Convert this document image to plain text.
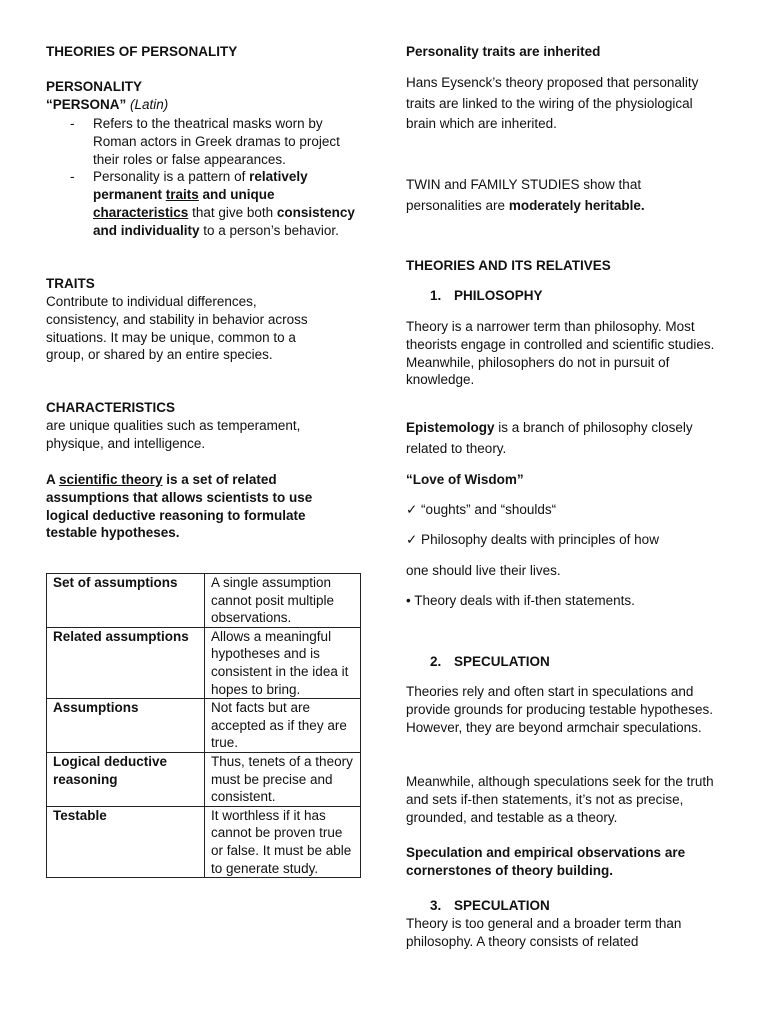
THEORIES OF PERSONALITY

PERSONALITY

“PERSONA” (Latin)

- Refers to the theatrical masks worn by Roman actors in Greek dramas to project their roles or false appearances.
- Personality is a pattern of relatively permanent traits and unique characteristics that give both consistency and individuality to a person’s behavior.

TRAITS

Contribute to individual differences, consistency, and stability in behavior across situations. It may be unique, common to a group, or shared by an entire species.

CHARACTERISTICS

are unique qualities such as temperament, physique, and intelligence.

A scientific theory is a set of related assumptions that allows scientists to use logical deductive reasoning to formulate testable hypotheses.

Set of assumptions	A single assumption cannot posit multiple observations.
Related assumptions	Allows a meaningful hypotheses and is consistent in the idea it hopes to bring.
Assumptions	Not facts but are accepted as if they are true.
Logical deductive reasoning	Thus, tenets of a theory must be precise and consistent.
Testable	It worthless if it has cannot be proven true or false. It must be able to generate study.

Personality traits are inherited

Hans Eysenck’s theory proposed that personality traits are linked to the wiring of the physiological brain which are inherited.

TWIN and FAMILY STUDIES show that personalities are moderately heritable.

THEORIES AND ITS RELATIVES

1. PHILOSOPHY

Theory is a narrower term than philosophy. Most theorists engage in controlled and scientific studies. Meanwhile, philosophers do not in pursuit of knowledge.

Epistemology is a branch of philosophy closely related to theory.

“Love of Wisdom”

✓ “oughts” and “shoulds“

✓ Philosophy dealts with principles of how

one should live their lives.

• Theory deals with if-then statements.

2. SPECULATION

Theories rely and often start in speculations and provide grounds for producing testable hypotheses. However, they are beyond armchair speculations.

Meanwhile, although speculations seek for the truth and sets if-then statements, it’s not as precise, grounded, and testable as a theory.

Speculation and empirical observations are cornerstones of theory building.

3. SPECULATION

Theory is too general and a broader term than philosophy. A theory consists of related
